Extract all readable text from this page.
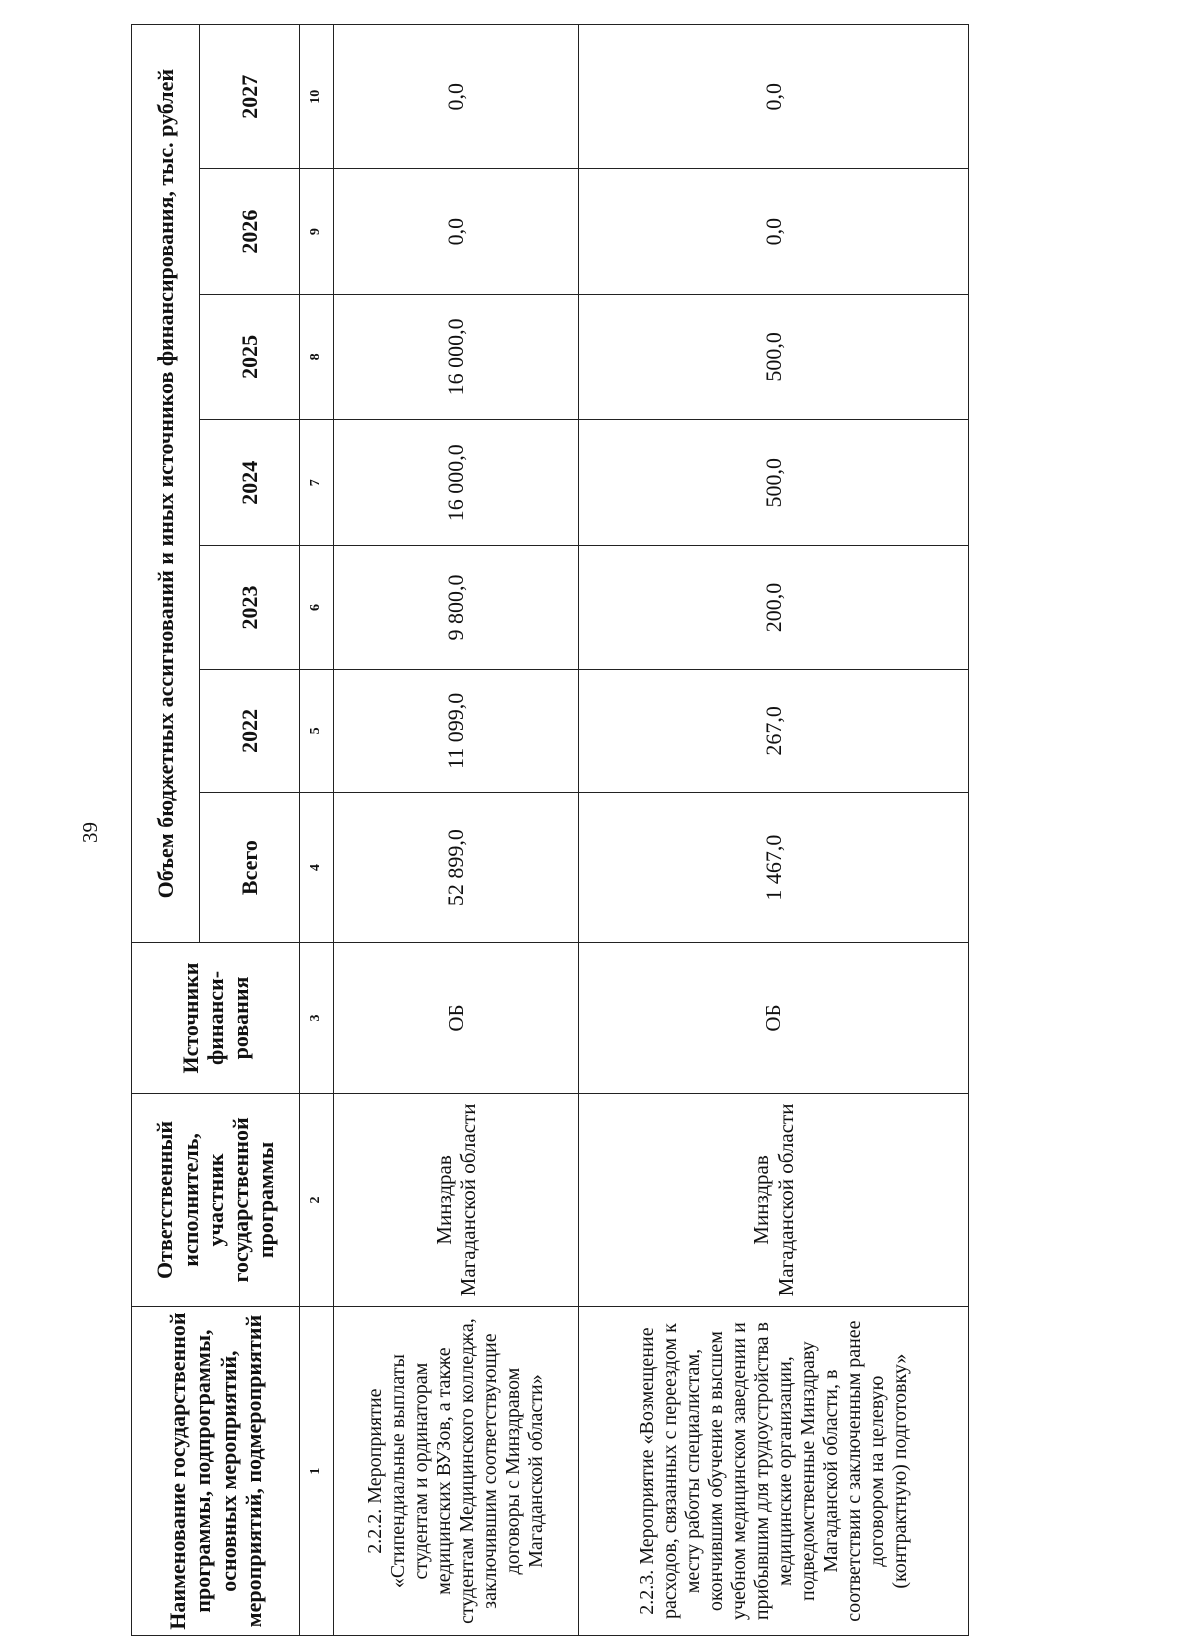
39
Наименование государственной программы, подпрограммы, основных мероприятий, мероприятий, подмероприятий	Ответственный исполнитель, участник государственной программы	Источники финанси-рования	Объем бюджетных ассигнований и иных источников финансирования, тыс. рублей						
			Всего	2022	2023	2024	2025	2026	2027
1	2	3	4	5	6	7	8	9	10
2.2.2. Мероприятие «Стипендиальные выплаты студентам и ординаторам медицинских ВУЗов, а также студентам Медицинского колледжа, заключившим соответствующие договоры с Минздравом Магаданской области»	Минздрав Магаданской области	ОБ	52 899,0	11 099,0	9 800,0	16 000,0	16 000,0	0,0	0,0
2.2.3. Мероприятие «Возмещение расходов, связанных с переездом к месту работы специалистам, окончившим обучение в высшем учебном медицинском заведении и прибывшим для трудоустройства в медицинские организации, подведомственные Минздраву Магаданской области, в соответствии с заключенным ранее договором на целевую (контрактную) подготовку»	Минздрав Магаданской области	ОБ	1 467,0	267,0	200,0	500,0	500,0	0,0	0,0
